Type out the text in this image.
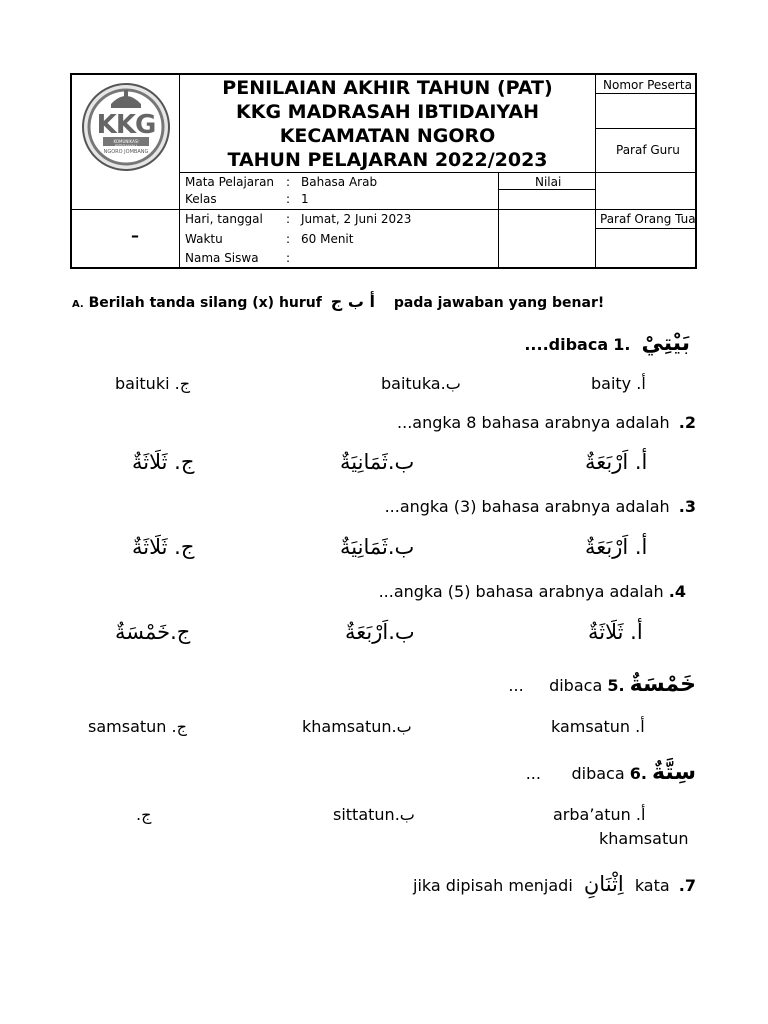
KKG
KOMUNIKASI IBTIDAIYAH
NGORO JOMBANG
PENILAIAN AKHIR TAHUN (PAT)
KKG MADRASAH IBTIDAIYAH
KECAMATAN NGORO
TAHUN PELAJARAN 2022/2023
Nomor Peserta
Paraf Guru
Paraf Orang Tua
Nilai
–
Mata Pelajaran : Bahasa Arab
Kelas	: 1
Hari, tanggal : Jumat, 2 Juni 2023
Waktu	: 60 Menit
Nama Siswa :
A. Berilah tanda silang (x) huruf أ ب ج pada jawaban yang benar!
....dibaca بَيْتِيْ .1
baity .أ
baituka.ب
baituki .ج
...angka 8 bahasa arabnya adalah .2
أ. اَرْبَعَةٌ
ب.ثَمَانِيَةٌ
ج. ثَلَاثَةٌ
...angka (3) bahasa arabnya adalah .3
أ. اَرْبَعَةٌ
ب.ثَمَانِيَةٌ
ج. ثَلَاثَةٌ
...angka (5) bahasa arabnya adalah .4
أ. ثَلَاثَةٌ
ب.اَرْبَعَةٌ
ج.خَمْسَةٌ
...     dibaca خَمْسَةٌ .5
kamsatun .أ
khamsatun.ب
samsatun .ج
...      dibaca سِتَّةٌ .6
arba’atun .أ
sittatun.ب
.ج
khamsatun
jika dipisah menjadi اِثْنَانِ kata .7
